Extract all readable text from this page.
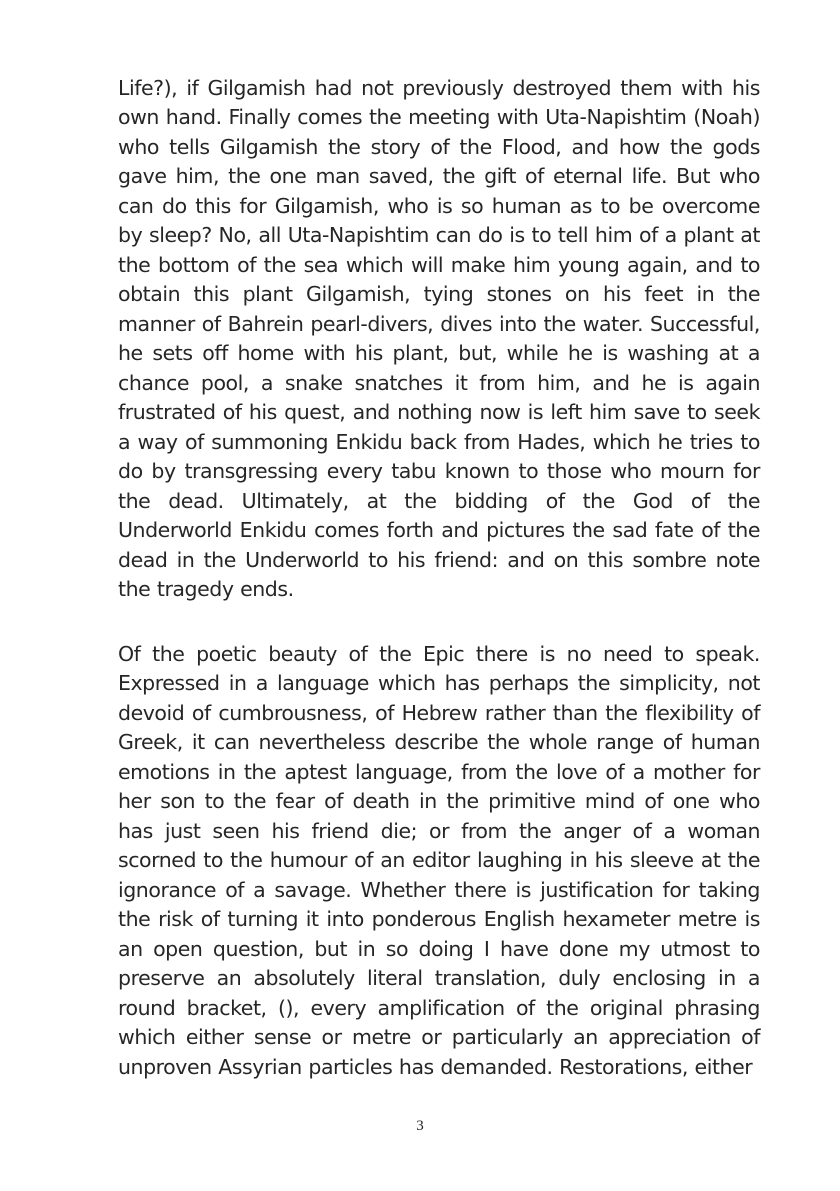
Life?), if Gilgamish had not previously destroyed them with his own hand. Finally comes the meeting with Uta-Napishtim (Noah) who tells Gilgamish the story of the Flood, and how the gods gave him, the one man saved, the gift of eternal life. But who can do this for Gilgamish, who is so human as to be overcome by sleep? No, all Uta-Napishtim can do is to tell him of a plant at the bottom of the sea which will make him young again, and to obtain this plant Gilgamish, tying stones on his feet in the manner of Bahrein pearl-divers, dives into the water. Successful, he sets off home with his plant, but, while he is washing at a chance pool, a snake snatches it from him, and he is again frustrated of his quest, and nothing now is left him save to seek a way of summoning Enkidu back from Hades, which he tries to do by transgressing every tabu known to those who mourn for the dead. Ultimately, at the bidding of the God of the Underworld Enkidu comes forth and pictures the sad fate of the dead in the Underworld to his friend: and on this sombre note the tragedy ends.

Of the poetic beauty of the Epic there is no need to speak. Expressed in a language which has perhaps the simplicity, not devoid of cumbrousness, of Hebrew rather than the flexibility of Greek, it can nevertheless describe the whole range of human emotions in the aptest language, from the love of a mother for her son to the fear of death in the primitive mind of one who has just seen his friend die; or from the anger of a woman scorned to the humour of an editor laughing in his sleeve at the ignorance of a savage. Whether there is justification for taking the risk of turning it into ponderous English hexameter metre is an open question, but in so doing I have done my utmost to preserve an absolutely literal translation, duly enclosing in a round bracket, (), every amplification of the original phrasing which either sense or metre or particularly an appreciation of unproven Assyrian particles has demanded. Restorations, either

3
